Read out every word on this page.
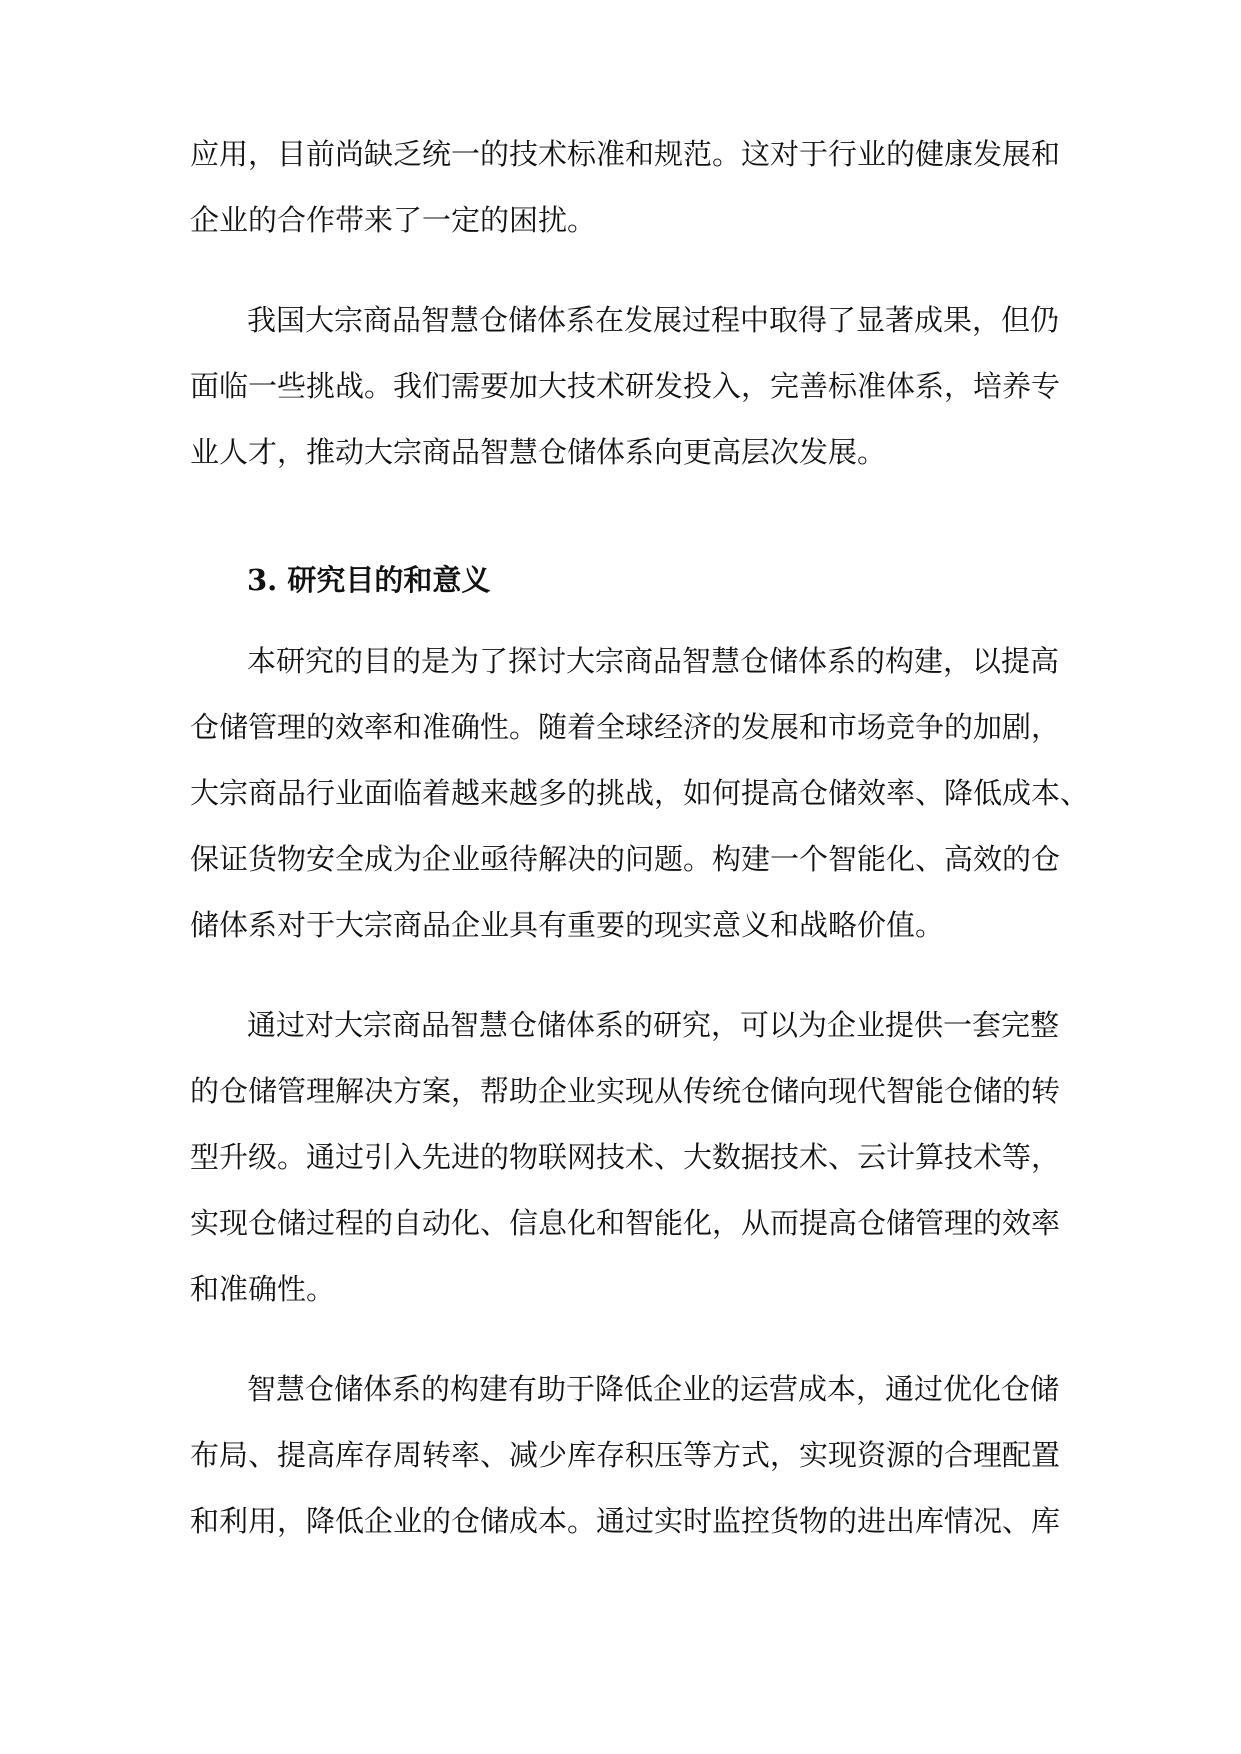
应用，目前尚缺乏统一的技术标准和规范。这对于行业的健康发展和
企业的合作带来了一定的困扰。
我国大宗商品智慧仓储体系在发展过程中取得了显著成果，但仍
面临一些挑战。我们需要加大技术研发投入，完善标准体系，培养专
业人才，推动大宗商品智慧仓储体系向更高层次发展。
3. 研究目的和意义
本研究的目的是为了探讨大宗商品智慧仓储体系的构建，以提高
仓储管理的效率和准确性。随着全球经济的发展和市场竞争的加剧，
大宗商品行业面临着越来越多的挑战，如何提高仓储效率、降低成本、
保证货物安全成为企业亟待解决的问题。构建一个智能化、高效的仓
储体系对于大宗商品企业具有重要的现实意义和战略价值。
通过对大宗商品智慧仓储体系的研究，可以为企业提供一套完整
的仓储管理解决方案，帮助企业实现从传统仓储向现代智能仓储的转
型升级。通过引入先进的物联网技术、大数据技术、云计算技术等，
实现仓储过程的自动化、信息化和智能化，从而提高仓储管理的效率
和准确性。
智慧仓储体系的构建有助于降低企业的运营成本，通过优化仓储
布局、提高库存周转率、减少库存积压等方式，实现资源的合理配置
和利用，降低企业的仓储成本。通过实时监控货物的进出库情况、库
